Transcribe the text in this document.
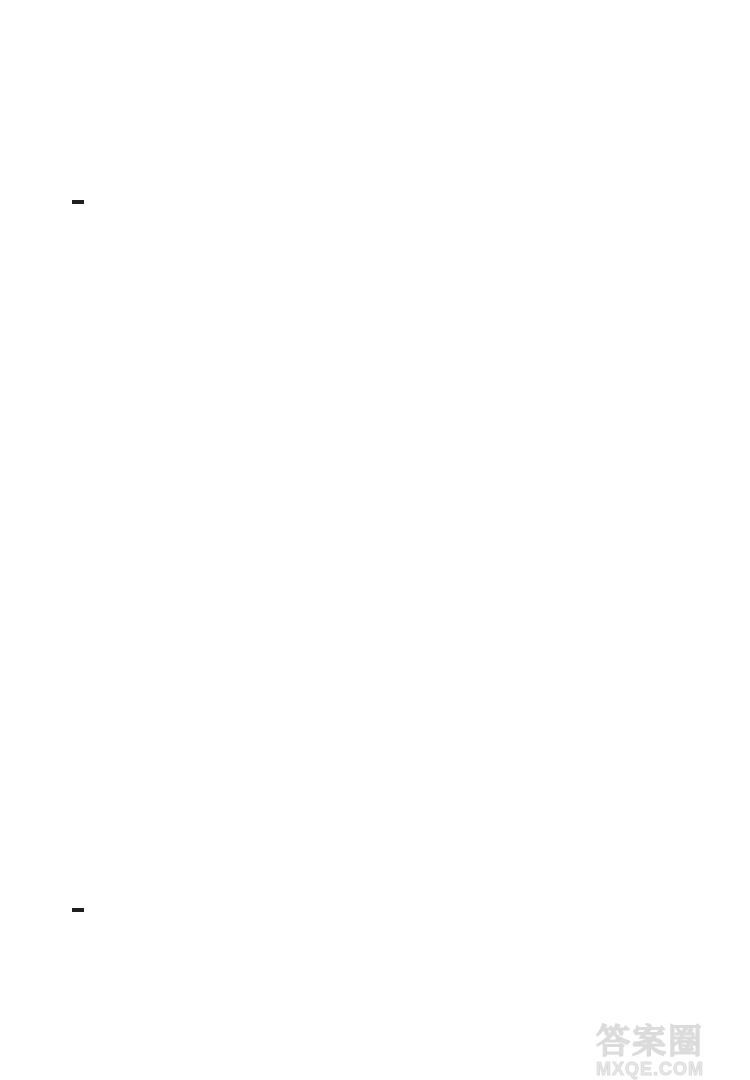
答案圈
MXQE.COM
